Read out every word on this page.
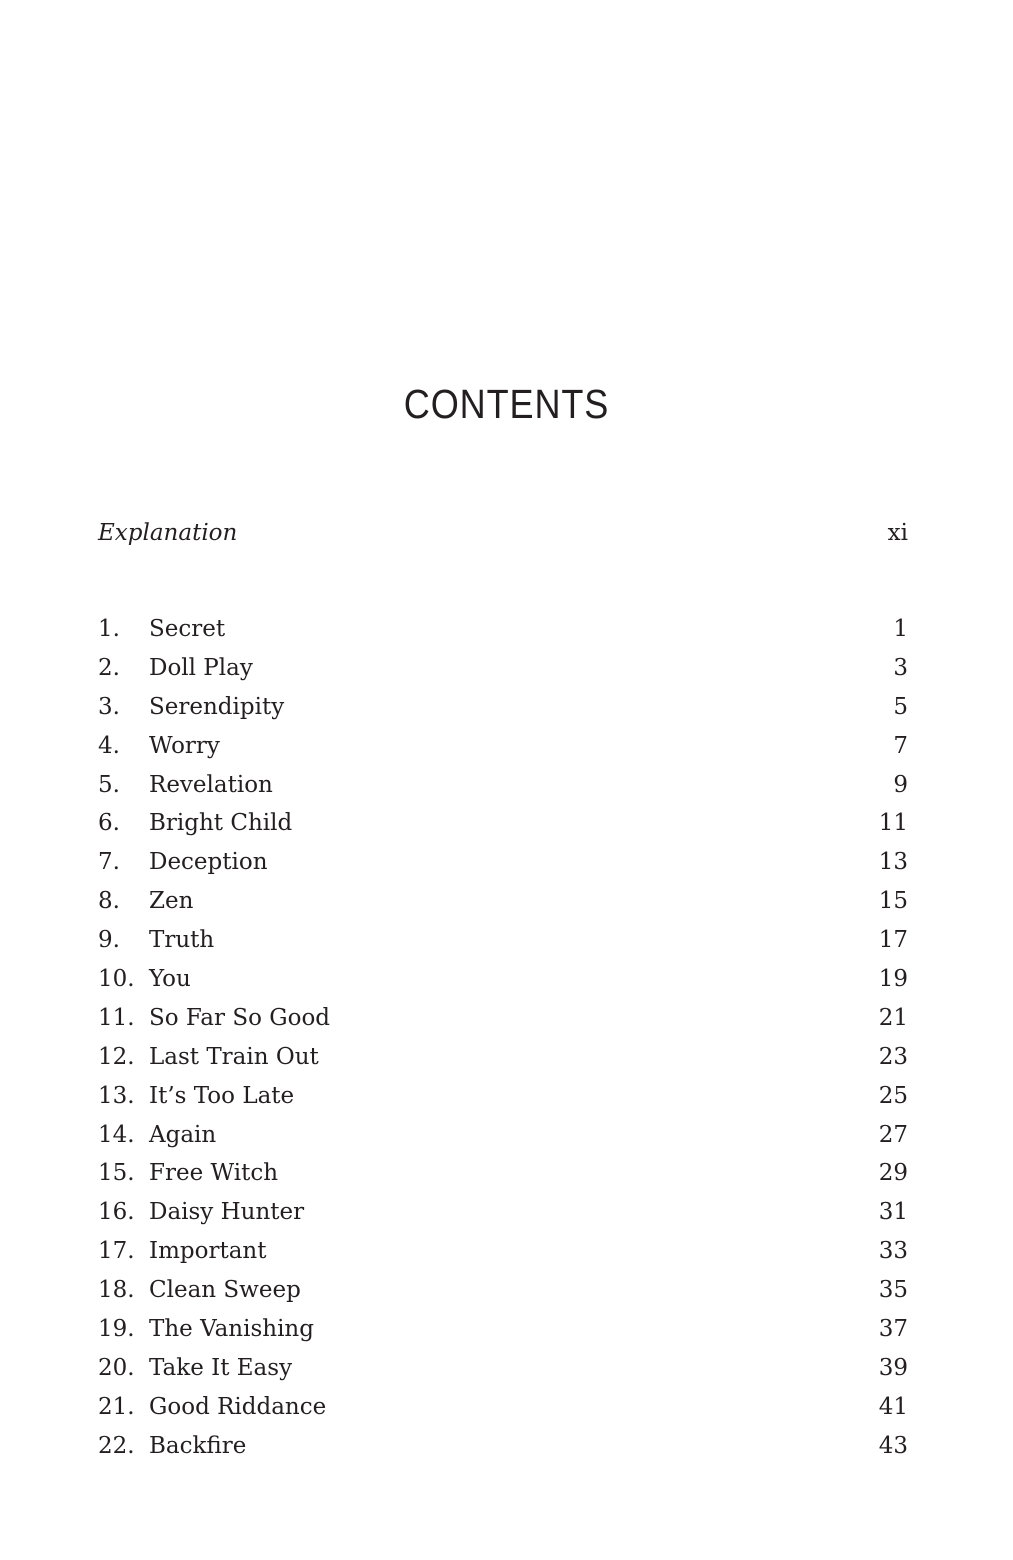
CONTENTS
Explanation	xi
1. Secret	1
2. Doll Play	3
3. Serendipity	5
4. Worry	7
5. Revelation	9
6. Bright Child	11
7. Deception	13
8. Zen	15
9. Truth	17
10. You	19
11. So Far So Good	21
12. Last Train Out	23
13. It’s Too Late	25
14. Again	27
15. Free Witch	29
16. Daisy Hunter	31
17. Important	33
18. Clean Sweep	35
19. The Vanishing	37
20. Take It Easy	39
21. Good Riddance	41
22. Backfire	43
